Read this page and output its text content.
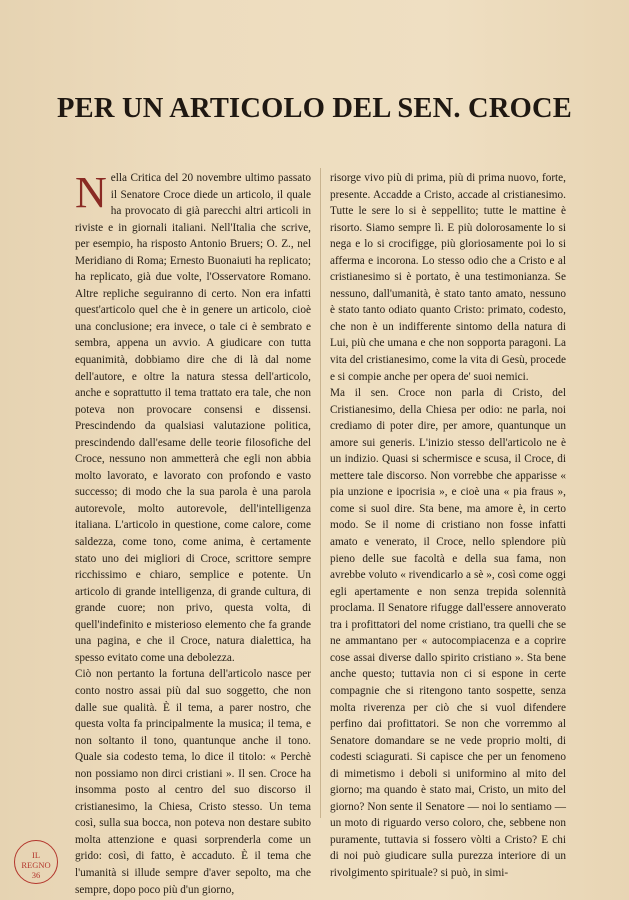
PER UN ARTICOLO DEL SEN. CROCE

Nella Critica del 20 novembre ultimo passato il Senatore Croce diede un articolo, il quale ha provocato di già parecchi altri articoli in riviste e in giornali italiani. Nell'Italia che scrive, per esempio, ha risposto Antonio Bruers; O. Z., nel Meridiano di Roma; Ernesto Buonaiuti ha replicato; ha replicato, già due volte, l'Osservatore Romano. Altre repliche seguiranno di certo. Non era infatti quest'articolo quel che è in genere un articolo, cioè una conclusione; era invece, o tale ci è sembrato e sembra, appena un avvio. A giudicare con tutta equanimità, dobbiamo dire che di là dal nome dell'autore, e oltre la natura stessa dell'articolo, anche e soprattutto il tema trattato era tale, che non poteva non provocare consensi e dissensi. Prescindendo da qualsiasi valutazione politica, prescindendo dall'esame delle teorie filosofiche del Croce, nessuno non ammetterà che egli non abbia molto lavorato, e lavorato con profondo e vasto successo; di modo che la sua parola è una parola autorevole, molto autorevole, dell'intelligenza italiana. L'articolo in questione, come calore, come saldezza, come tono, come anima, è certamente stato uno dei migliori di Croce, scrittore sempre ricchissimo e chiaro, semplice e potente. Un articolo di grande intelligenza, di grande cultura, di grande cuore; non privo, questa volta, di quell'indefinito e misterioso elemento che fa grande una pagina, e che il Croce, natura dialettica, ha spesso evitato come una debolezza.

Ciò non pertanto la fortuna dell'articolo nasce per conto nostro assai più dal suo soggetto, che non dalle sue qualità. È il tema, a parer nostro, che questa volta fa principalmente la musica; il tema, e non soltanto il tono, quantunque anche il tono. Quale sia codesto tema, lo dice il titolo: « Perchè non possiamo non dirci cristiani ». Il sen. Croce ha insomma posto al centro del suo discorso il cristianesimo, la Chiesa, Cristo stesso. Un tema così, sulla sua bocca, non poteva non destare subito molta attenzione e quasi sorprenderla come un grido: così, di fatto, è accaduto. È il tema che l'umanità si illude sempre d'aver sepolto, ma che sempre, dopo poco più d'un giorno,

risorge vivo più di prima, più di prima nuovo, forte, presente. Accadde a Cristo, accade al cristianesimo. Tutte le sere lo si è seppellito; tutte le mattine è risorto. Siamo sempre lì. E più dolorosamente lo si nega e lo si crocifigge, più gloriosamente poi lo si afferma e incorona. Lo stesso odio che a Cristo e al cristianesimo si è portato, è una testimonianza. Se nessuno, dall'umanità, è stato tanto amato, nessuno è stato tanto odiato quanto Cristo: primato, codesto, che non è un indifferente sintomo della natura di Lui, più che umana e che non sopporta paragoni. La vita del cristianesimo, come la vita di Gesù, procede e si compie anche per opera de' suoi nemici.

Ma il sen. Croce non parla di Cristo, del Cristianesimo, della Chiesa per odio: ne parla, noi crediamo di poter dire, per amore, quantunque un amore sui generis. L'inizio stesso dell'articolo ne è un indizio. Quasi si schermisce e scusa, il Croce, di mettere tale discorso. Non vorrebbe che apparisse « pia unzione e ipocrisia », e cioè una « pia fraus », come si suol dire. Sta bene, ma amore è, in certo modo. Se il nome di cristiano non fosse infatti amato e venerato, il Croce, nello splendore più pieno delle sue facoltà e della sua fama, non avrebbe voluto « rivendicarlo a sè », così come oggi egli apertamente e non senza trepida solennità proclama. Il Senatore rifugge dall'essere annoverato tra i profittatori del nome cristiano, tra quelli che se ne ammantano per « autocompiacenza e a coprire cose assai diverse dallo spirito cristiano ». Sta bene anche questo; tuttavia non ci si espone in certe compagnie che si ritengono tanto sospette, senza molta riverenza per ciò che si vuol difendere perfino dai profittatori. Se non che vorremmo al Senatore domandare se ne vede proprio molti, di codesti sciagurati. Si capisce che per un fenomeno di mimetismo i deboli si uniformino al mito del giorno; ma quando è stato mai, Cristo, un mito del giorno? Non sente il Senatore — noi lo sentiamo — un moto di riguardo verso coloro, che, sebbene non puramente, tuttavia si fossero vòlti a Cristo? E chi di noi può giudicare sulla purezza interiore di un rivolgimento spirituale? si può, in simi-

IL
REGNO
36
